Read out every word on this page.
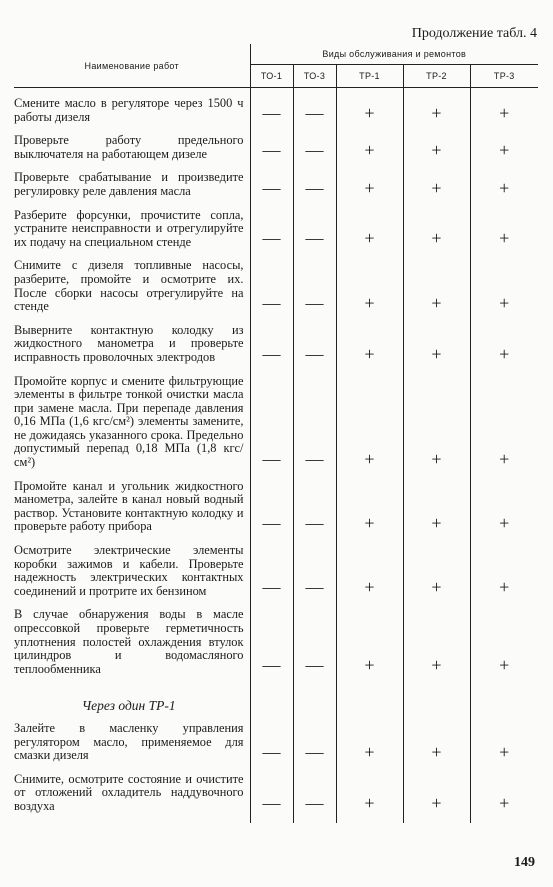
Продолжение табл. 4
Наименование работ	Виды обслуживания и ремонтов				
	ТО-1	ТО-3	ТР-1	ТР-2	ТР-3

Смените масло в регуляторе через 1500 ч работы дизеля	—	—	+	+	+

Проверьте работу предельного выключателя на работающем дизеле	—	—	+	+	+

Проверьте срабатывание и произведите регулировку реле давления масла	—	—	+	+	+

Разберите форсунки, прочистите сопла, устраните неисправности и отрегулируйте их подачу на специальном стенде	—	—	+	+	+

Снимите с дизеля топливные насосы, разберите, промойте и осмотрите их. После сборки насосы отрегулируйте на стенде	—	—	+	+	+

Выверните контактную колодку из жидкостного манометра и проверьте исправность проволочных электродов	—	—	+	+	+

Промойте корпус и смените фильтрующие элементы в фильтре тонкой очистки масла при замене масла. При перепаде давления 0,16 МПа (1,6 кгс/см²) элементы замените, не дожидаясь указанного срока. Предельно допустимый перепад 0,18 МПа (1,8 кгс/см²)	—	—	+	+	+

Промойте канал и угольник жидкостного манометра, залейте в канал новый водный раствор. Установите контактную колодку и проверьте работу прибора	—	—	+	+	+

Осмотрите электрические элементы коробки зажимов и кабели. Проверьте надежность электрических контактных соединений и протрите их бензином	—	—	+	+	+

В случае обнаружения воды в масле опрессовкой проверьте герметичность уплотнения полостей охлаждения втулок цилиндров и водомасляного теплообменника	—	—	+	+	+

Через один ТР-1					
Залейте в масленку управления регулятором масло, применяемое для смазки дизеля	—	—	+	+	+

Снимите, осмотрите состояние и очистите от отложений охладитель наддувочного воздуха	—	—	+	+	+

149
